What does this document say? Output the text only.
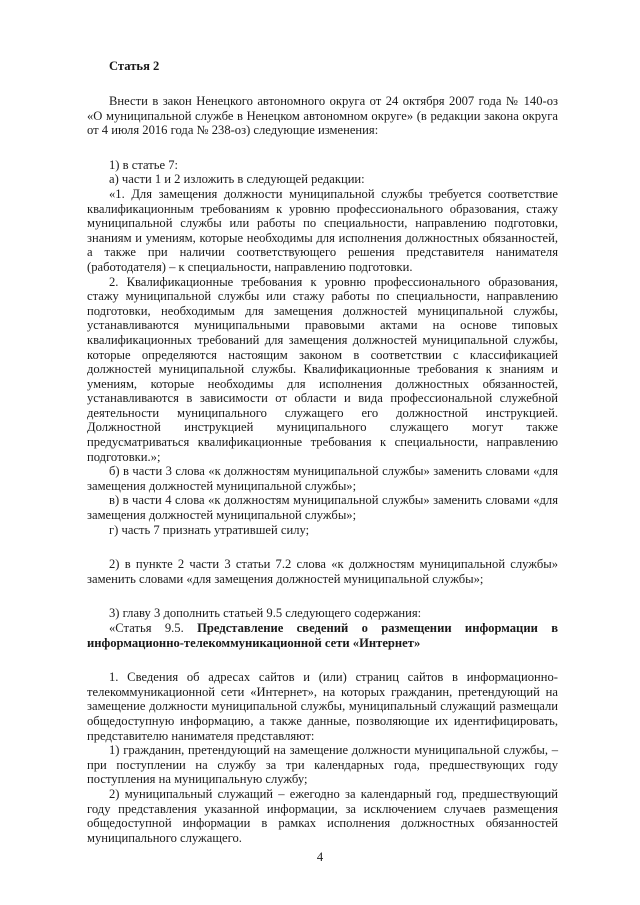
Статья 2

Внести в закон Ненецкого автономного округа от 24 октября 2007 года № 140-оз «О муниципальной службе в Ненецком автономном округе» (в редакции закона округа от 4 июля 2016 года № 238-оз) следующие изменения:

1) в статье 7:

а) части 1 и 2 изложить в следующей редакции:

«1. Для замещения должности муниципальной службы требуется соответствие квалификационным требованиям к уровню профессионального образования, стажу муниципальной службы или работы по специальности, направлению подготовки, знаниям и умениям, которые необходимы для исполнения должностных обязанностей, а также при наличии соответствующего решения представителя нанимателя (работодателя) – к специальности, направлению подготовки.

2. Квалификационные требования к уровню профессионального образования, стажу муниципальной службы или стажу работы по специальности, направлению подготовки, необходимым для замещения должностей муниципальной службы, устанавливаются муниципальными правовыми актами на основе типовых квалификационных требований для замещения должностей муниципальной службы, которые определяются настоящим законом в соответствии с классификацией должностей муниципальной службы. Квалификационные требования к знаниям и умениям, которые необходимы для исполнения должностных обязанностей, устанавливаются в зависимости от области и вида профессиональной служебной деятельности муниципального служащего его должностной инструкцией. Должностной инструкцией муниципального служащего могут также предусматриваться квалификационные требования к специальности, направлению подготовки.»;

б) в части 3 слова «к должностям муниципальной службы» заменить словами «для замещения должностей муниципальной службы»;

в) в части 4 слова «к должностям муниципальной службы» заменить словами «для замещения должностей муниципальной службы»;

г) часть 7 признать утратившей силу;

2) в пункте 2 части 3 статьи 7.2 слова «к должностям муниципальной службы» заменить словами «для замещения должностей муниципальной службы»;

3) главу 3 дополнить статьей 9.5 следующего содержания:

«Статья 9.5. Представление сведений о размещении информации в информационно-телекоммуникационной сети «Интернет»

1. Сведения об адресах сайтов и (или) страниц сайтов в информационно-телекоммуникационной сети «Интернет», на которых гражданин, претендующий на замещение должности муниципальной службы, муниципальный служащий размещали общедоступную информацию, а также данные, позволяющие их идентифицировать, представителю нанимателя представляют:

1) гражданин, претендующий на замещение должности муниципальной службы, – при поступлении на службу за три календарных года, предшествующих году поступления на муниципальную службу;

2) муниципальный служащий – ежегодно за календарный год, предшествующий году представления указанной информации, за исключением случаев размещения общедоступной информации в рамках исполнения должностных обязанностей муниципального служащего.

4
